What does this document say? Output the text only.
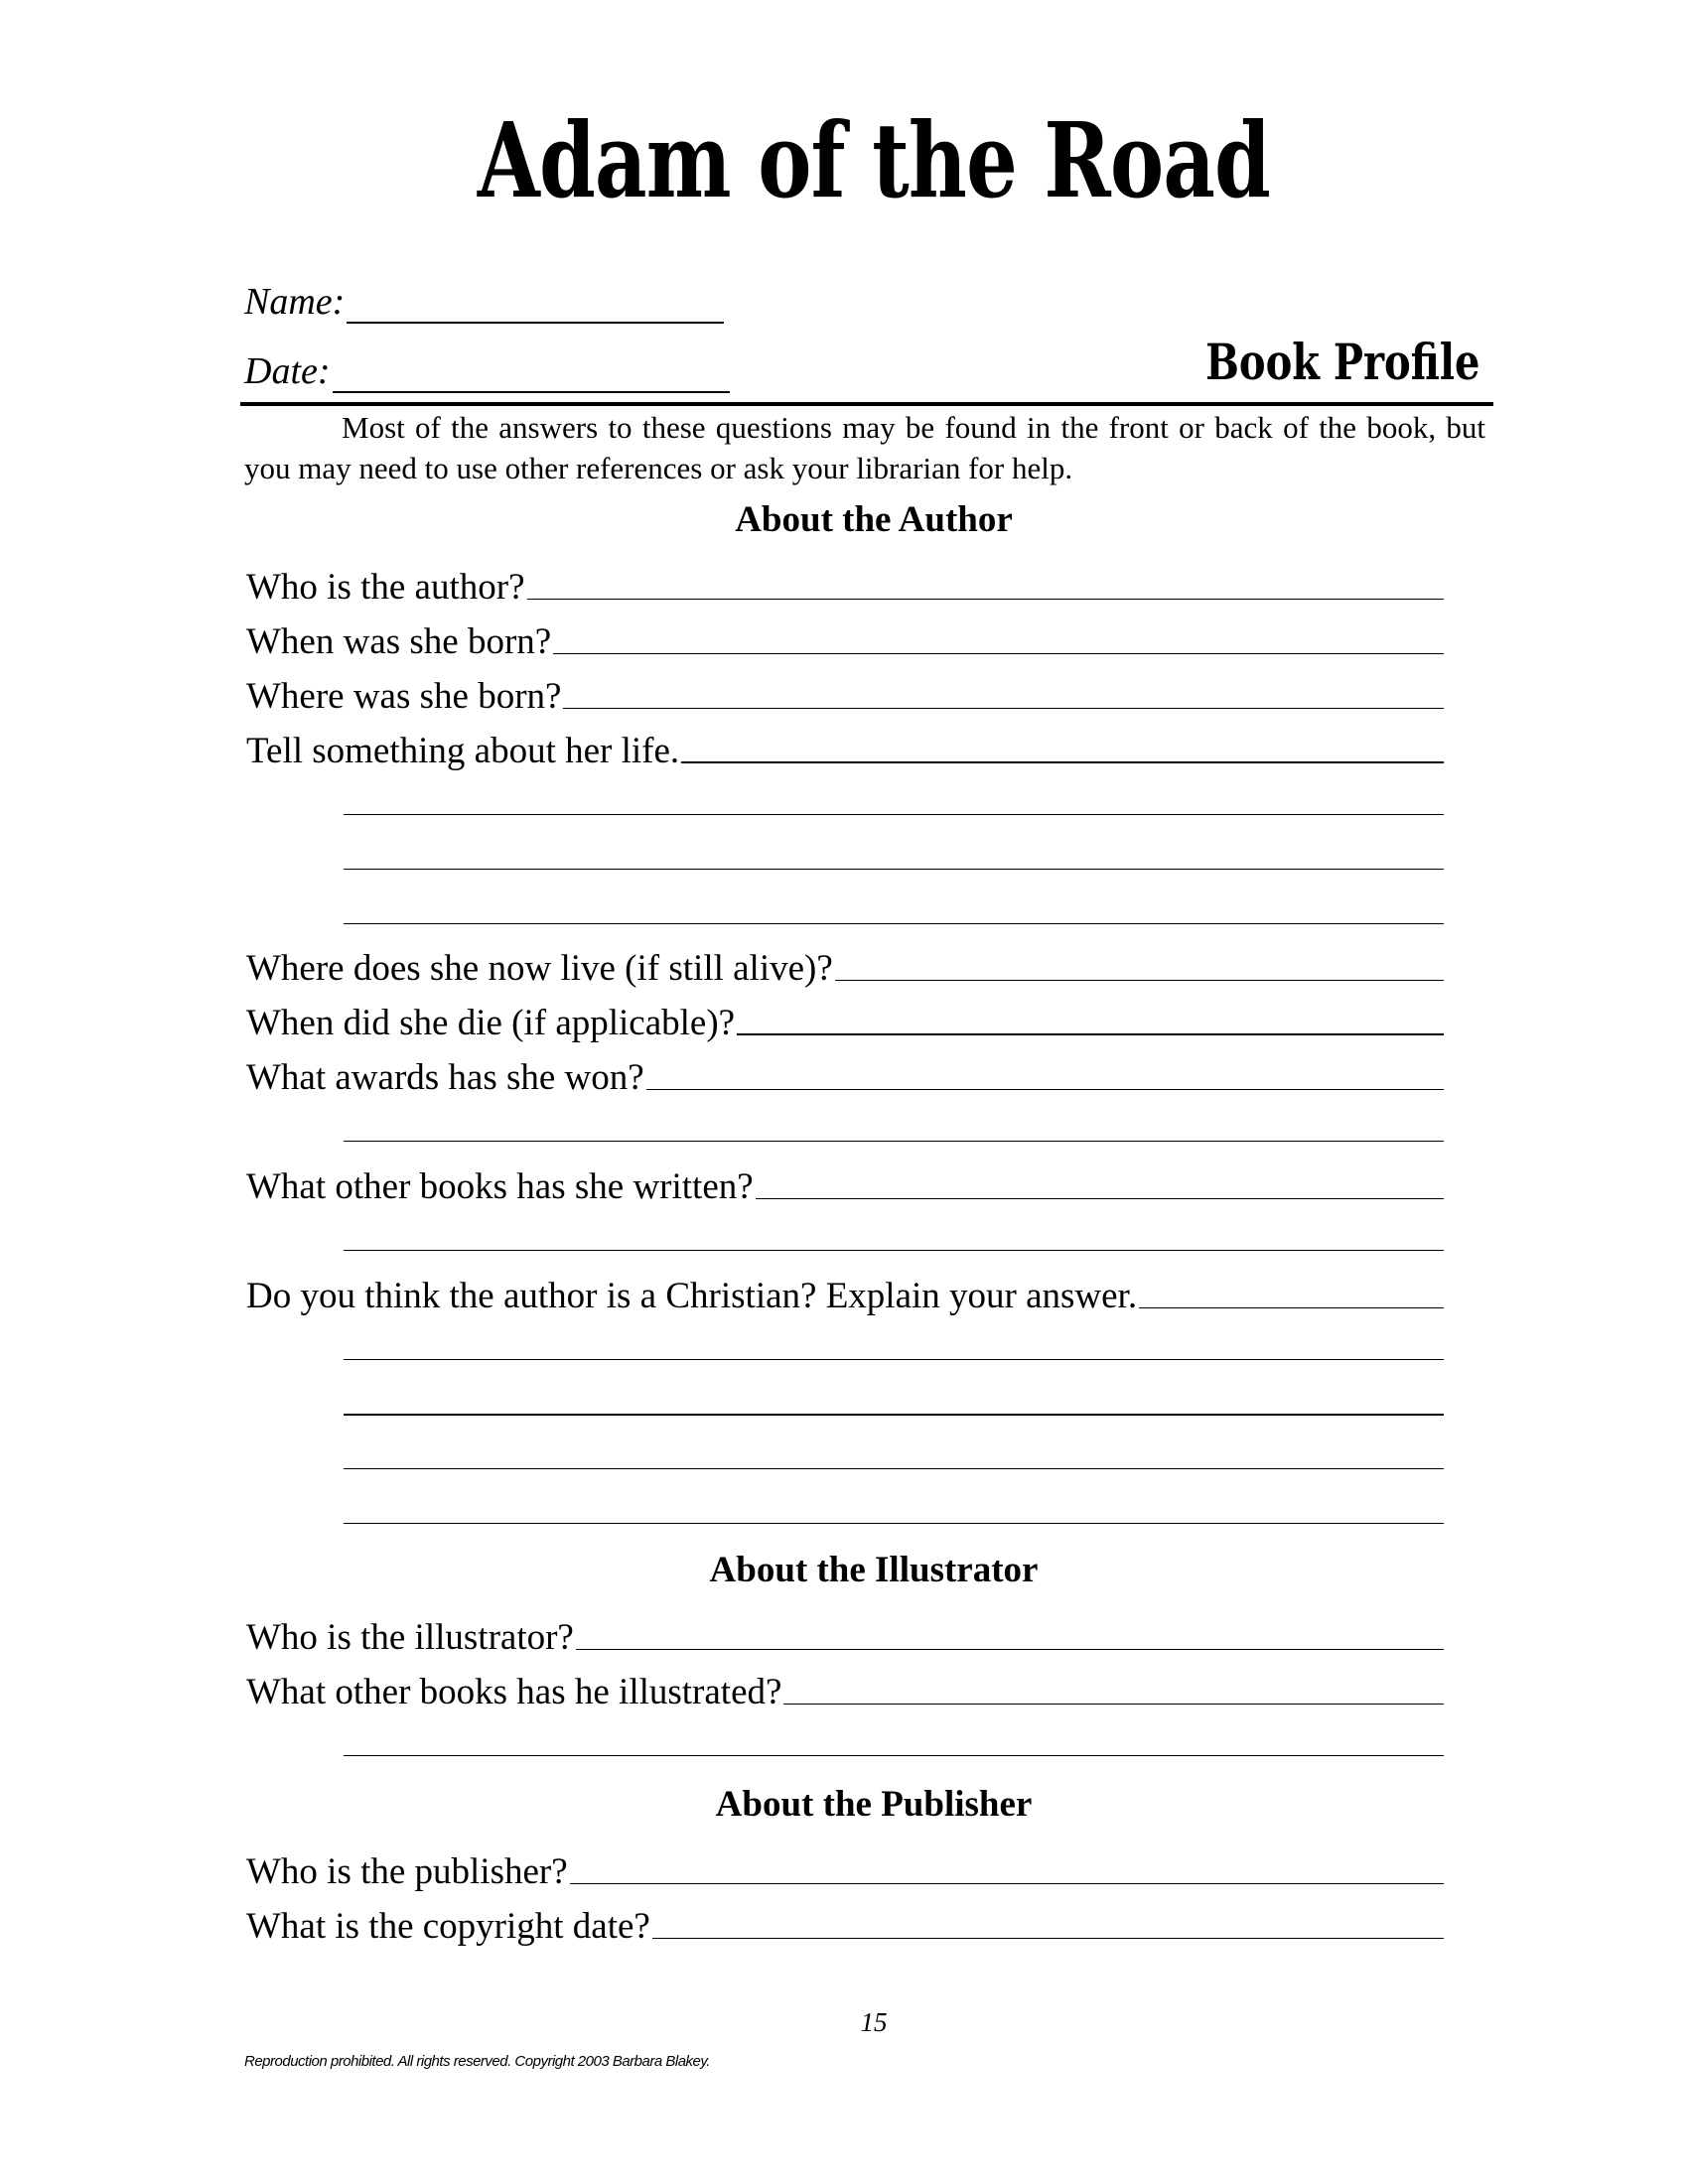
Adam of the Road
Name:
Date:	Book Profile

Most of the answers to these questions may be found in the front or back of the book, but you may need to use other references or ask your librarian for help.

About the Author
Who is the author?
When was she born?
Where was she born?
Tell something about her life.
Where does she now live (if still alive)?
When did she die (if applicable)?
What awards has she won?
What other books has she written?
Do you think the author is a Christian? Explain your answer.
About the Illustrator
Who is the illustrator?
What other books has he illustrated?
About the Publisher
Who is the publisher?
What is the copyright date?
15
Reproduction prohibited. All rights reserved. Copyright 2003 Barbara Blakey.
